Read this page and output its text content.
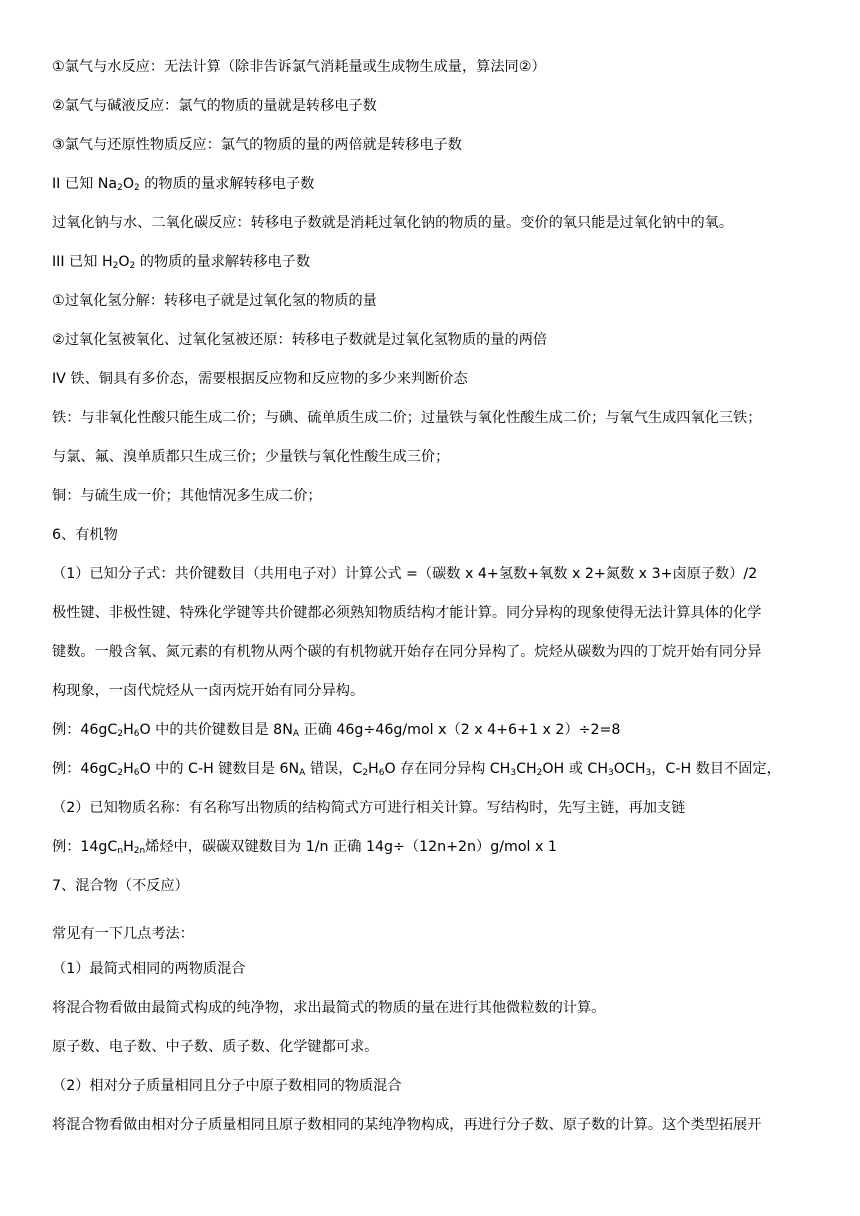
①氯气与水反应：无法计算（除非告诉氯气消耗量或生成物生成量，算法同②）
②氯气与碱液反应：氯气的物质的量就是转移电子数
③氯气与还原性物质反应：氯气的物质的量的两倍就是转移电子数
II 已知 $Na_2O_2$ 的物质的量求解转移电子数
过氧化钠与水、二氧化碳反应：转移电子数就是消耗过氧化钠的物质的量。变价的氧只能是过氧化钠中的氧。
III 已知 $H_2O_2$ 的物质的量求解转移电子数
①过氧化氢分解：转移电子就是过氧化氢的物质的量
②过氧化氢被氧化、过氧化氢被还原：转移电子数就是过氧化氢物质的量的两倍
IV 铁、铜具有多价态，需要根据反应物和反应物的多少来判断价态
铁：与非氧化性酸只能生成二价；与碘、硫单质生成二价；过量铁与氧化性酸生成二价；与氧气生成四氧化三铁；
与氯、氟、溴单质都只生成三价；少量铁与氧化性酸生成三价；
铜：与硫生成一价；其他情况多生成二价；
6、有机物
（1）已知分子式：共价键数目（共用电子对）计算公式 =（碳数 x 4+氢数+氧数 x 2+氮数 x 3+卤原子数）/2
极性键、非极性键、特殊化学键等共价键都必须熟知物质结构才能计算。同分异构的现象使得无法计算具体的化学
键数。一般含氧、氮元素的有机物从两个碳的有机物就开始存在同分异构了。烷烃从碳数为四的丁烷开始有同分异
构现象，一卤代烷烃从一卤丙烷开始有同分异构。
例：$46gC_2H_6O$ 中的共价键数目是 $8N_A$ 正确 46g÷46g/mol x（2 x 4+6+1 x 2）÷2=8
例：$46gC_2H_6O$ 中的 C-H 键数目是 $6N_A$ 错误，$C_2H_6O$ 存在同分异构 $CH_3CH_2OH$ 或 $CH_3OCH_3$，C-H 数目不固定，
（2）已知物质名称：有名称写出物质的结构简式方可进行相关计算。写结构时，先写主链，再加支链
例：$14gC_nH_{2n}$烯烃中，碳碳双键数目为 1/n 正确 14g÷（12n+2n）g/mol x 1
7、混合物（不反应）
常见有一下几点考法：
（1）最简式相同的两物质混合
将混合物看做由最简式构成的纯净物，求出最简式的物质的量在进行其他微粒数的计算。
原子数、电子数、中子数、质子数、化学键都可求。
（2）相对分子质量相同且分子中原子数相同的物质混合
将混合物看做由相对分子质量相同且原子数相同的某纯净物构成，再进行分子数、原子数的计算。这个类型拓展开
